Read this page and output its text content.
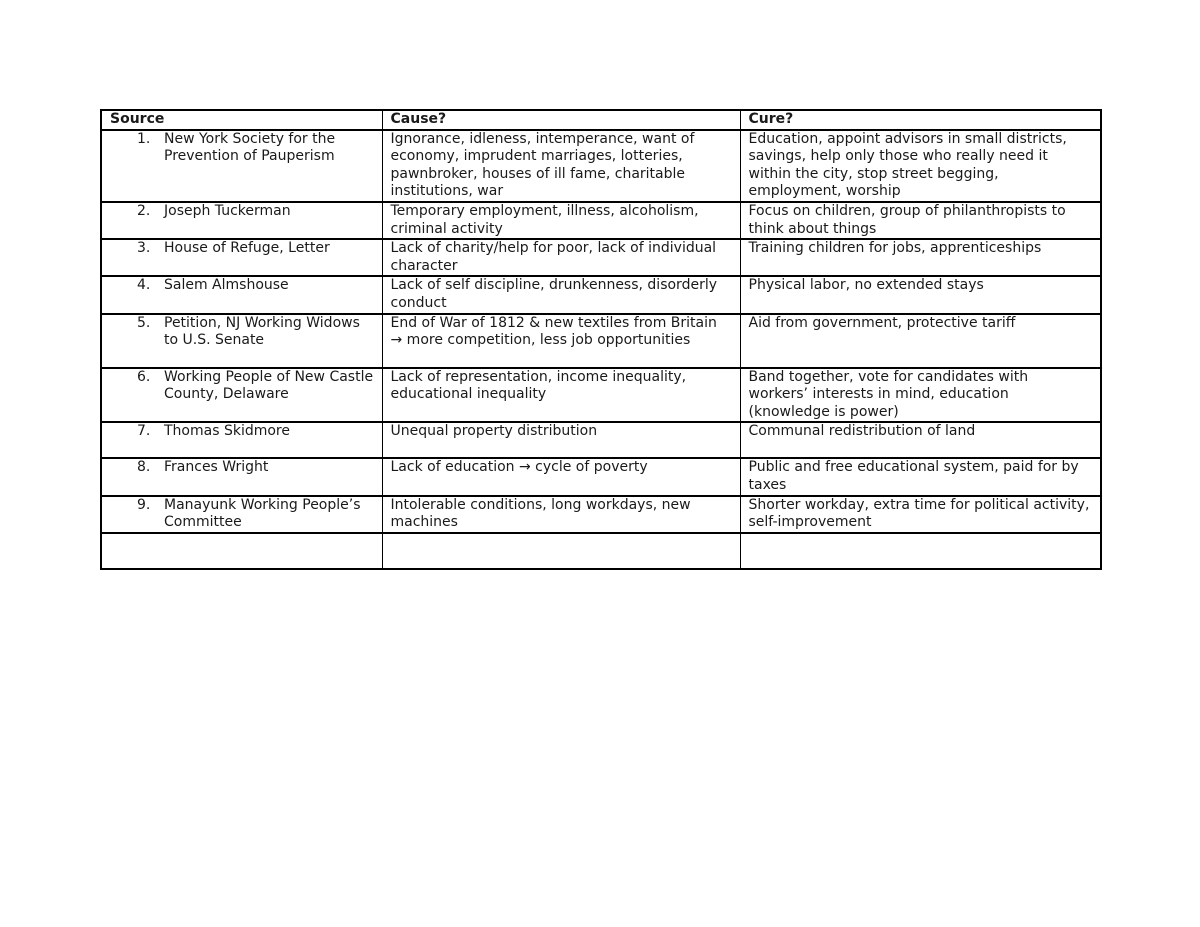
Source	Cause?	Cure?

1. New York Society for the Prevention of Pauperism	Ignorance, idleness, intemperance, want of economy, imprudent marriages, lotteries, pawnbroker, houses of ill fame, charitable institutions, war	Education, appoint advisors in small districts, savings, help only those who really need it within the city, stop street begging, employment, worship

2. Joseph Tuckerman	Temporary employment, illness, alcoholism, criminal activity	Focus on children, group of philanthropists to think about things

3. House of Refuge, Letter	Lack of charity/help for poor, lack of individual character	Training children for jobs, apprenticeships

4. Salem Almshouse	Lack of self discipline, drunkenness, disorderly conduct	Physical labor, no extended stays

5. Petition, NJ Working Widows to U.S. Senate	End of War of 1812 & new textiles from Britain → more competition, less job opportunities	Aid from government, protective tariff

6. Working People of New Castle County, Delaware	Lack of representation, income inequality, educational inequality	Band together, vote for candidates with workers’ interests in mind, education (knowledge is power)

7. Thomas Skidmore	Unequal property distribution	Communal redistribution of land

8. Frances Wright	Lack of education → cycle of poverty	Public and free educational system, paid for by taxes

9. Manayunk Working People’s Committee	Intolerable conditions, long workdays, new machines	Shorter workday, extra time for political activity, self-improvement
